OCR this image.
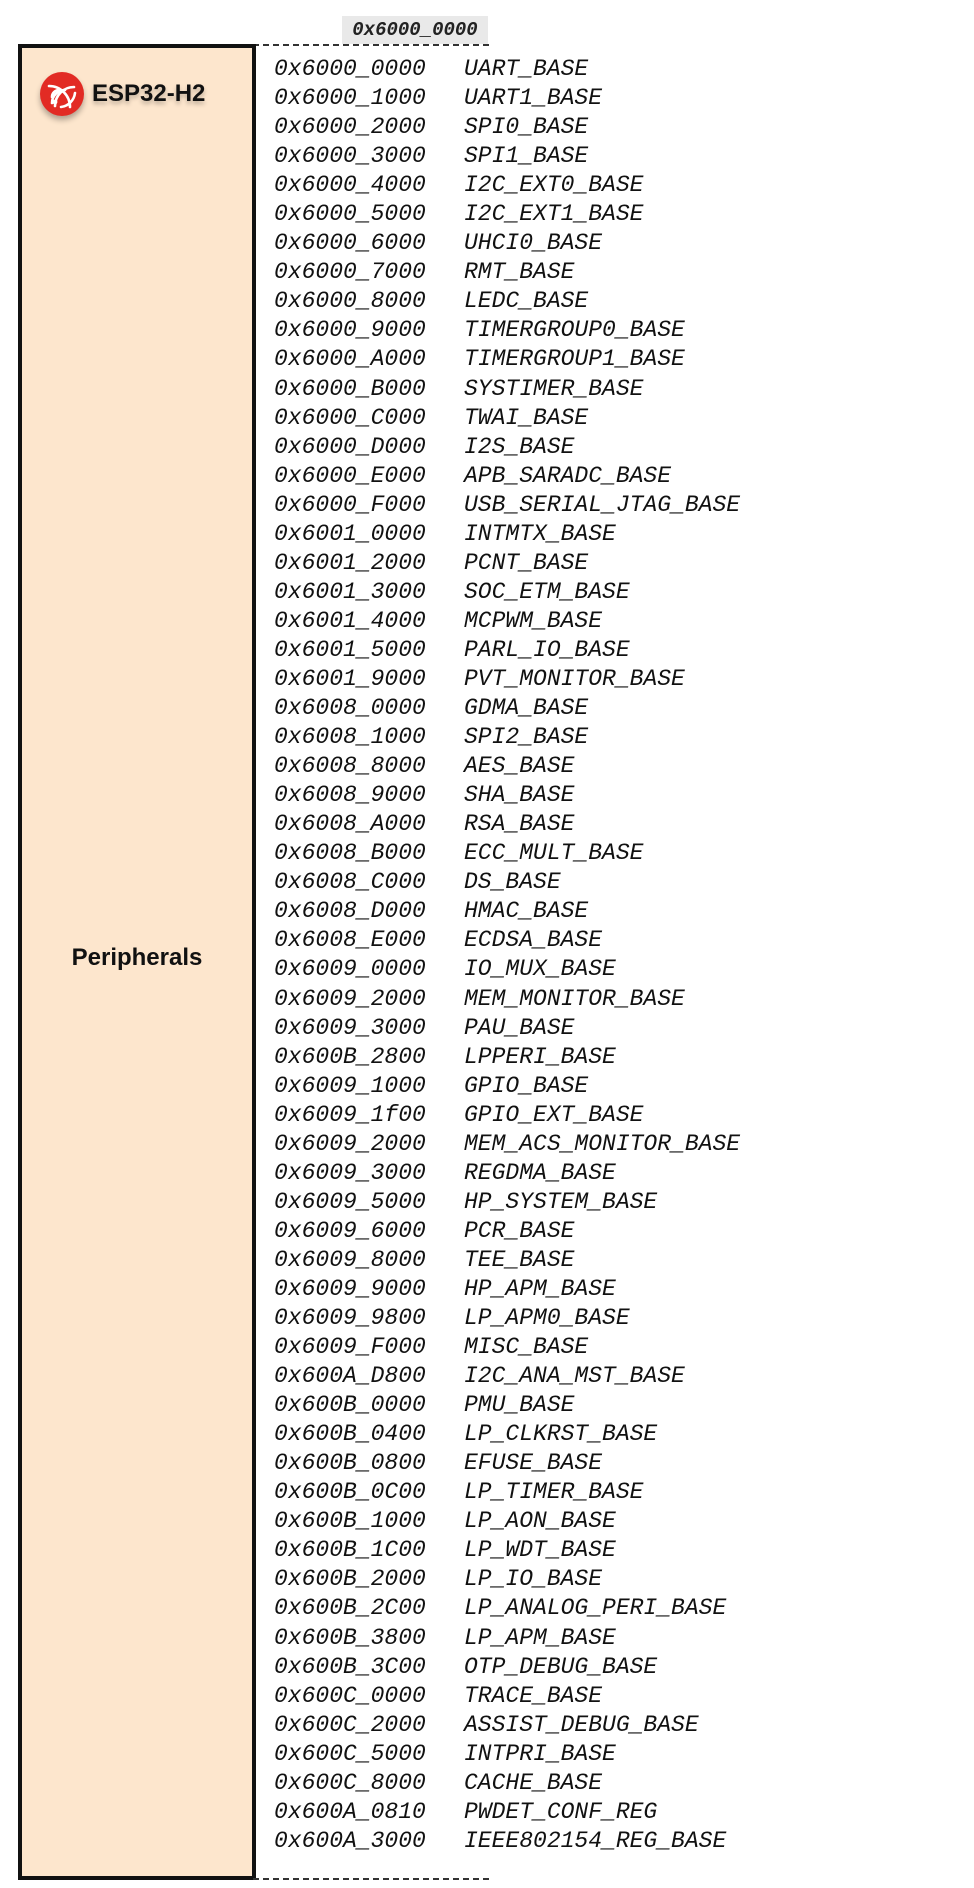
0x6000_0000
ESP32-H2
Peripherals
0x6000_0000 UART_BASE
0x6000_1000 UART1_BASE
0x6000_2000 SPI0_BASE
0x6000_3000 SPI1_BASE
0x6000_4000 I2C_EXT0_BASE
0x6000_5000 I2C_EXT1_BASE
0x6000_6000 UHCI0_BASE
0x6000_7000 RMT_BASE
0x6000_8000 LEDC_BASE
0x6000_9000 TIMERGROUP0_BASE
0x6000_A000 TIMERGROUP1_BASE
0x6000_B000 SYSTIMER_BASE
0x6000_C000 TWAI_BASE
0x6000_D000 I2S_BASE
0x6000_E000 APB_SARADC_BASE
0x6000_F000 USB_SERIAL_JTAG_BASE
0x6001_0000 INTMTX_BASE
0x6001_2000 PCNT_BASE
0x6001_3000 SOC_ETM_BASE
0x6001_4000 MCPWM_BASE
0x6001_5000 PARL_IO_BASE
0x6001_9000 PVT_MONITOR_BASE
0x6008_0000 GDMA_BASE
0x6008_1000 SPI2_BASE
0x6008_8000 AES_BASE
0x6008_9000 SHA_BASE
0x6008_A000 RSA_BASE
0x6008_B000 ECC_MULT_BASE
0x6008_C000 DS_BASE
0x6008_D000 HMAC_BASE
0x6008_E000 ECDSA_BASE
0x6009_0000 IO_MUX_BASE
0x6009_2000 MEM_MONITOR_BASE
0x6009_3000 PAU_BASE
0x600B_2800 LPPERI_BASE
0x6009_1000 GPIO_BASE
0x6009_1f00 GPIO_EXT_BASE
0x6009_2000 MEM_ACS_MONITOR_BASE
0x6009_3000 REGDMA_BASE
0x6009_5000 HP_SYSTEM_BASE
0x6009_6000 PCR_BASE
0x6009_8000 TEE_BASE
0x6009_9000 HP_APM_BASE
0x6009_9800 LP_APM0_BASE
0x6009_F000 MISC_BASE
0x600A_D800 I2C_ANA_MST_BASE
0x600B_0000 PMU_BASE
0x600B_0400 LP_CLKRST_BASE
0x600B_0800 EFUSE_BASE
0x600B_0C00 LP_TIMER_BASE
0x600B_1000 LP_AON_BASE
0x600B_1C00 LP_WDT_BASE
0x600B_2000 LP_IO_BASE
0x600B_2C00 LP_ANALOG_PERI_BASE
0x600B_3800 LP_APM_BASE
0x600B_3C00 OTP_DEBUG_BASE
0x600C_0000 TRACE_BASE
0x600C_2000 ASSIST_DEBUG_BASE
0x600C_5000 INTPRI_BASE
0x600C_8000 CACHE_BASE
0x600A_0810 PWDET_CONF_REG
0x600A_3000 IEEE802154_REG_BASE
